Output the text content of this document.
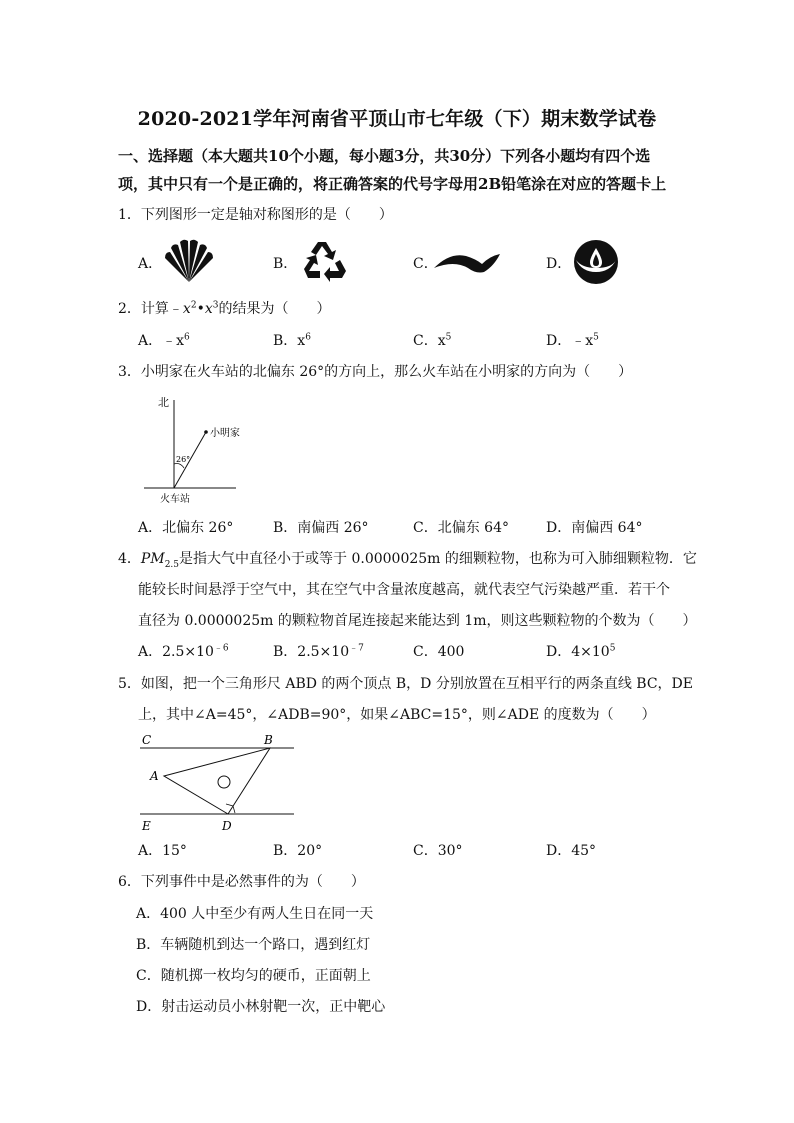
2020-2021学年河南省平顶山市七年级（下）期末数学试卷
一、选择题（本大题共10个小题，每小题3分，共30分）下列各小题均有四个选项，其中只有一个是正确的，将正确答案的代号字母用2B铅笔涂在对应的答题卡上
1．下列图形一定是轴对称图形的是（　　）
A．	B．	C．	D．
2．计算$﹣x^2•x^3$的结果为（　　）
A．$﹣x^6$	B．$x^6$	C．$x^5$	D．$﹣x^5$
3．小明家在火车站的北偏东 26°的方向上，那么火车站在小明家的方向为（　　）
北
小明家
26°
火车站
A．北偏东 26°	B．南偏西 26°	C．北偏东 64°	D．南偏西 64°
4．$PM_{2.5}$是指大气中直径小于或等于 0.0000025m 的细颗粒物，也称为可入肺细颗粒物．它
能较长时间悬浮于空气中，其在空气中含量浓度越高，就代表空气污染越严重．若干个
直径为 0.0000025m 的颗粒物首尾连接起来能达到 1m，则这些颗粒物的个数为（　　）
A．$2.5\times 10^{﹣6}$	B．$2.5\times 10^{﹣7}$	C．400	D．$4\times 10^5$
5．如图，把一个三角形尺 ABD 的两个顶点 B，D 分别放置在互相平行的两条直线 BC，DE
上，其中∠A=45°，∠ADB=90°，如果∠ABC=15°，则∠ADE 的度数为（　　）
C	B
A
E	D
A．15°	B．20°	C．30°	D．45°
6．下列事件中是必然事件的为（　　）
A．400 人中至少有两人生日在同一天
B．车辆随机到达一个路口，遇到红灯
C．随机掷一枚均匀的硬币，正面朝上
D．射击运动员小林射靶一次，正中靶心
